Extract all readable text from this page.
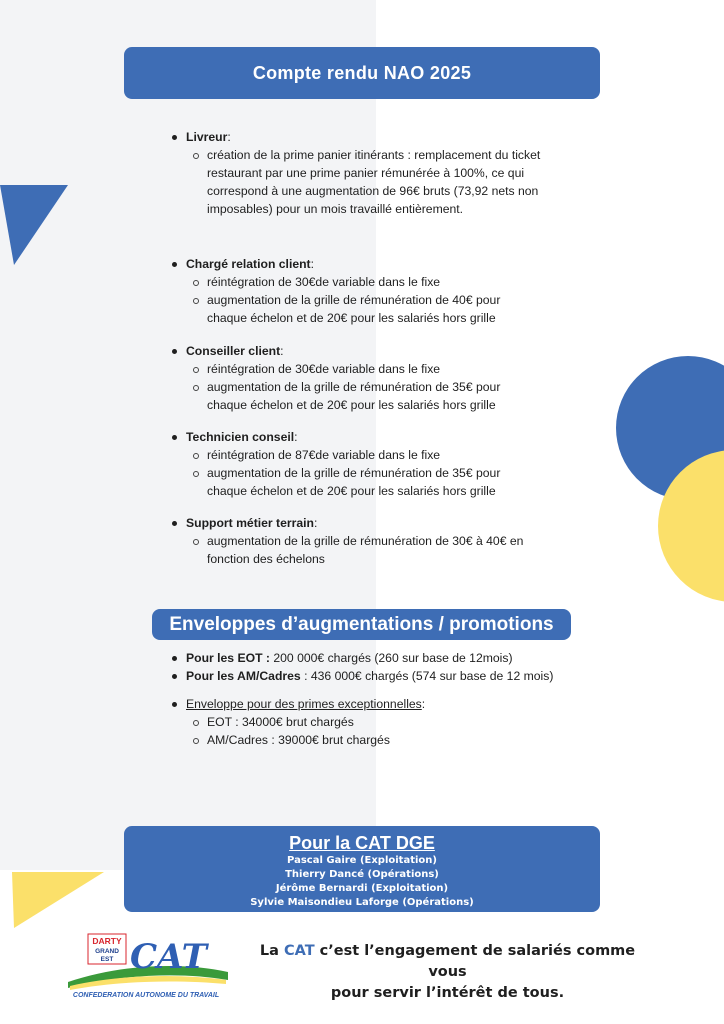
Compte rendu NAO 2025
Livreur:
création de la prime panier itinérants : remplacement du ticket restaurant par une prime panier rémunérée à 100%, ce qui correspond à une augmentation de 96€ bruts (73,92 nets non imposables) pour un mois travaillé entièrement.
Chargé relation client:
réintégration de 30€de variable dans le fixe
augmentation de la grille de rémunération de 40€ pour chaque échelon et de 20€ pour les salariés hors grille
Conseiller client:
réintégration de 30€de variable dans le fixe
augmentation de la grille de rémunération de 35€ pour chaque échelon et de 20€ pour les salariés hors grille
Technicien conseil:
réintégration de 87€de variable dans le fixe
augmentation de la grille de rémunération de 35€ pour chaque échelon et de 20€ pour les salariés hors grille
Support métier terrain:
augmentation de la grille de rémunération de 30€ à 40€ en fonction des échelons
Enveloppes d’augmentations / promotions
Pour les EOT : 200 000€ chargés (260 sur base de 12mois)
Pour les AM/Cadres : 436 000€ chargés (574 sur base de 12 mois)
Enveloppe pour des primes exceptionnelles:
EOT : 34000€ brut chargés
AM/Cadres : 39000€ brut chargés
Pour la CAT DGE
Pascal Gaire (Exploitation)
Thierry Dancé (Opérations)
Jérôme Bernardi (Exploitation)
Sylvie Maisondieu Laforge (Opérations)
DARTY
GRAND
EST CAT
CONFEDERATION AUTONOME DU TRAVAIL
La CAT c’est l’engagement de salariés comme vous
pour servir l’intérêt de tous.
